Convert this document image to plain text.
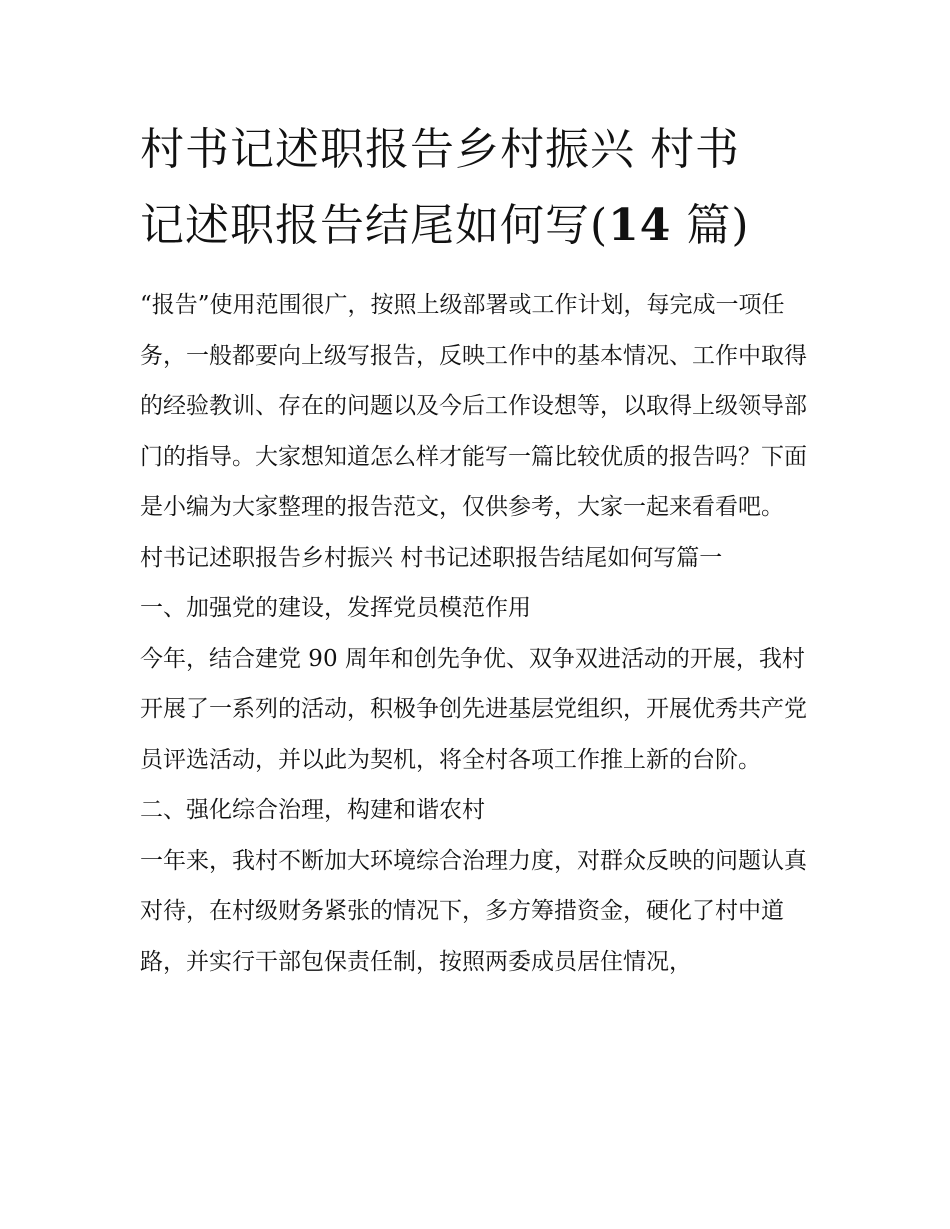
村书记述职报告乡村振兴 村书
记述职报告结尾如何写(14 篇)

“报告”使用范围很广，按照上级部署或工作计划，每完成一项任务，一般都要向上级写报告，反映工作中的基本情况、工作中取得的经验教训、存在的问题以及今后工作设想等，以取得上级领导部门的指导。大家想知道怎么样才能写一篇比较优质的报告吗？下面是小编为大家整理的报告范文，仅供参考，大家一起来看看吧。

村书记述职报告乡村振兴 村书记述职报告结尾如何写篇一

一、加强党的建设，发挥党员模范作用

今年，结合建党 90 周年和创先争优、双争双进活动的开展，我村开展了一系列的活动，积极争创先进基层党组织，开展优秀共产党员评选活动，并以此为契机，将全村各项工作推上新的台阶。

二、强化综合治理，构建和谐农村

一年来，我村不断加大环境综合治理力度，对群众反映的问题认真对待，在村级财务紧张的情况下，多方筹措资金，硬化了村中道路，并实行干部包保责任制，按照两委成员居住情况，
